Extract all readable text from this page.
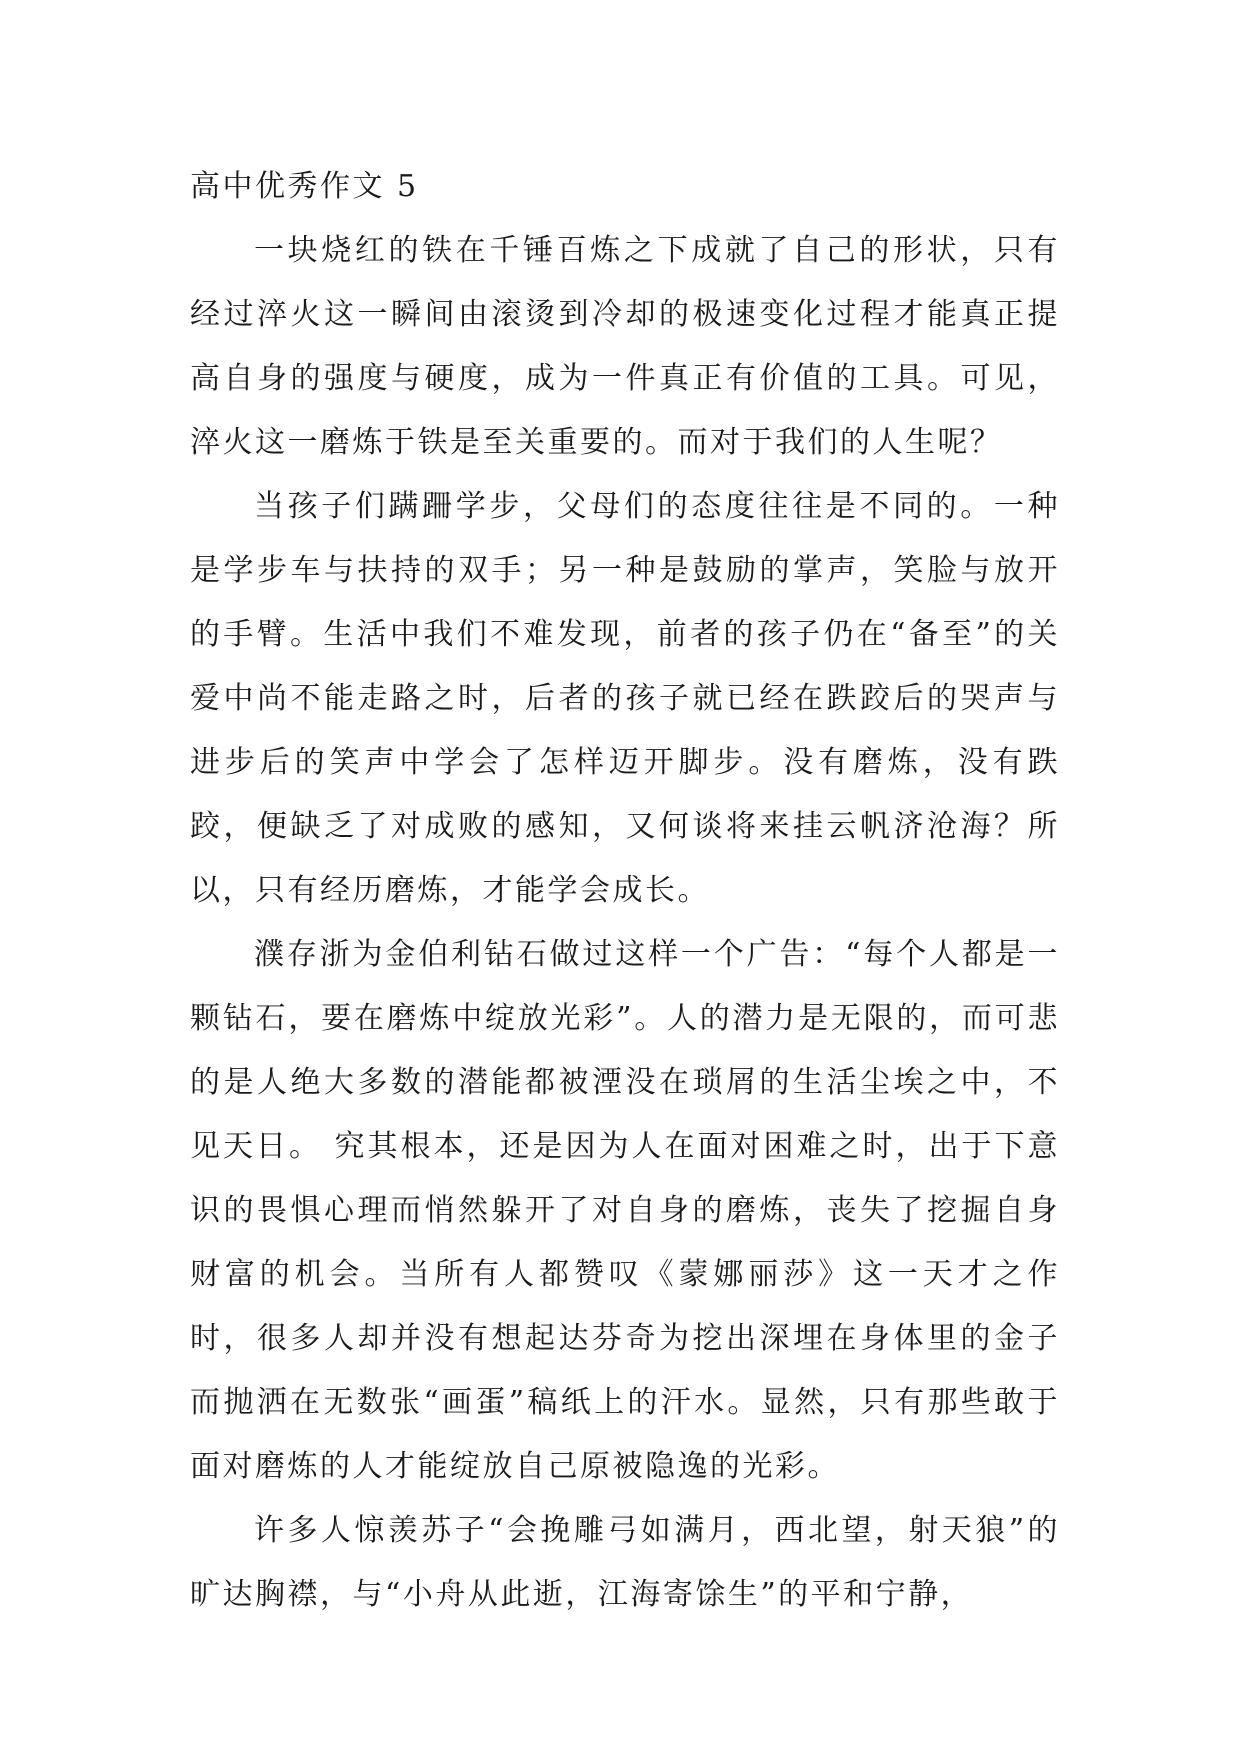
高中优秀作文 5

一块烧红的铁在千锤百炼之下成就了自己的形状，只有经过淬火这一瞬间由滚烫到冷却的极速变化过程才能真正提高自身的强度与硬度，成为一件真正有价值的工具。可见，淬火这一磨炼于铁是至关重要的。而对于我们的人生呢？

当孩子们蹒跚学步，父母们的态度往往是不同的。一种是学步车与扶持的双手；另一种是鼓励的掌声，笑脸与放开的手臂。生活中我们不难发现，前者的孩子仍在“备至”的关爱中尚不能走路之时，后者的孩子就已经在跌跤后的哭声与进步后的笑声中学会了怎样迈开脚步。没有磨炼，没有跌跤，便缺乏了对成败的感知，又何谈将来挂云帆济沧海？所以，只有经历磨炼，才能学会成长。

濮存浙为金伯利钻石做过这样一个广告：“每个人都是一颗钻石，要在磨炼中绽放光彩”。人的潜力是无限的，而可悲的是人绝大多数的潜能都被湮没在琐屑的生活尘埃之中，不见天日。 究其根本，还是因为人在面对困难之时，出于下意识的畏惧心理而悄然躲开了对自身的磨炼，丧失了挖掘自身财富的机会。当所有人都赞叹《蒙娜丽莎》这一天才之作时，很多人却并没有想起达芬奇为挖出深埋在身体里的金子而抛洒在无数张“画蛋”稿纸上的汗水。显然，只有那些敢于面对磨炼的人才能绽放自己原被隐逸的光彩。

许多人惊羡苏子“会挽雕弓如满月，西北望，射天狼”的旷达胸襟，与“小舟从此逝，江海寄馀生”的平和宁静，
